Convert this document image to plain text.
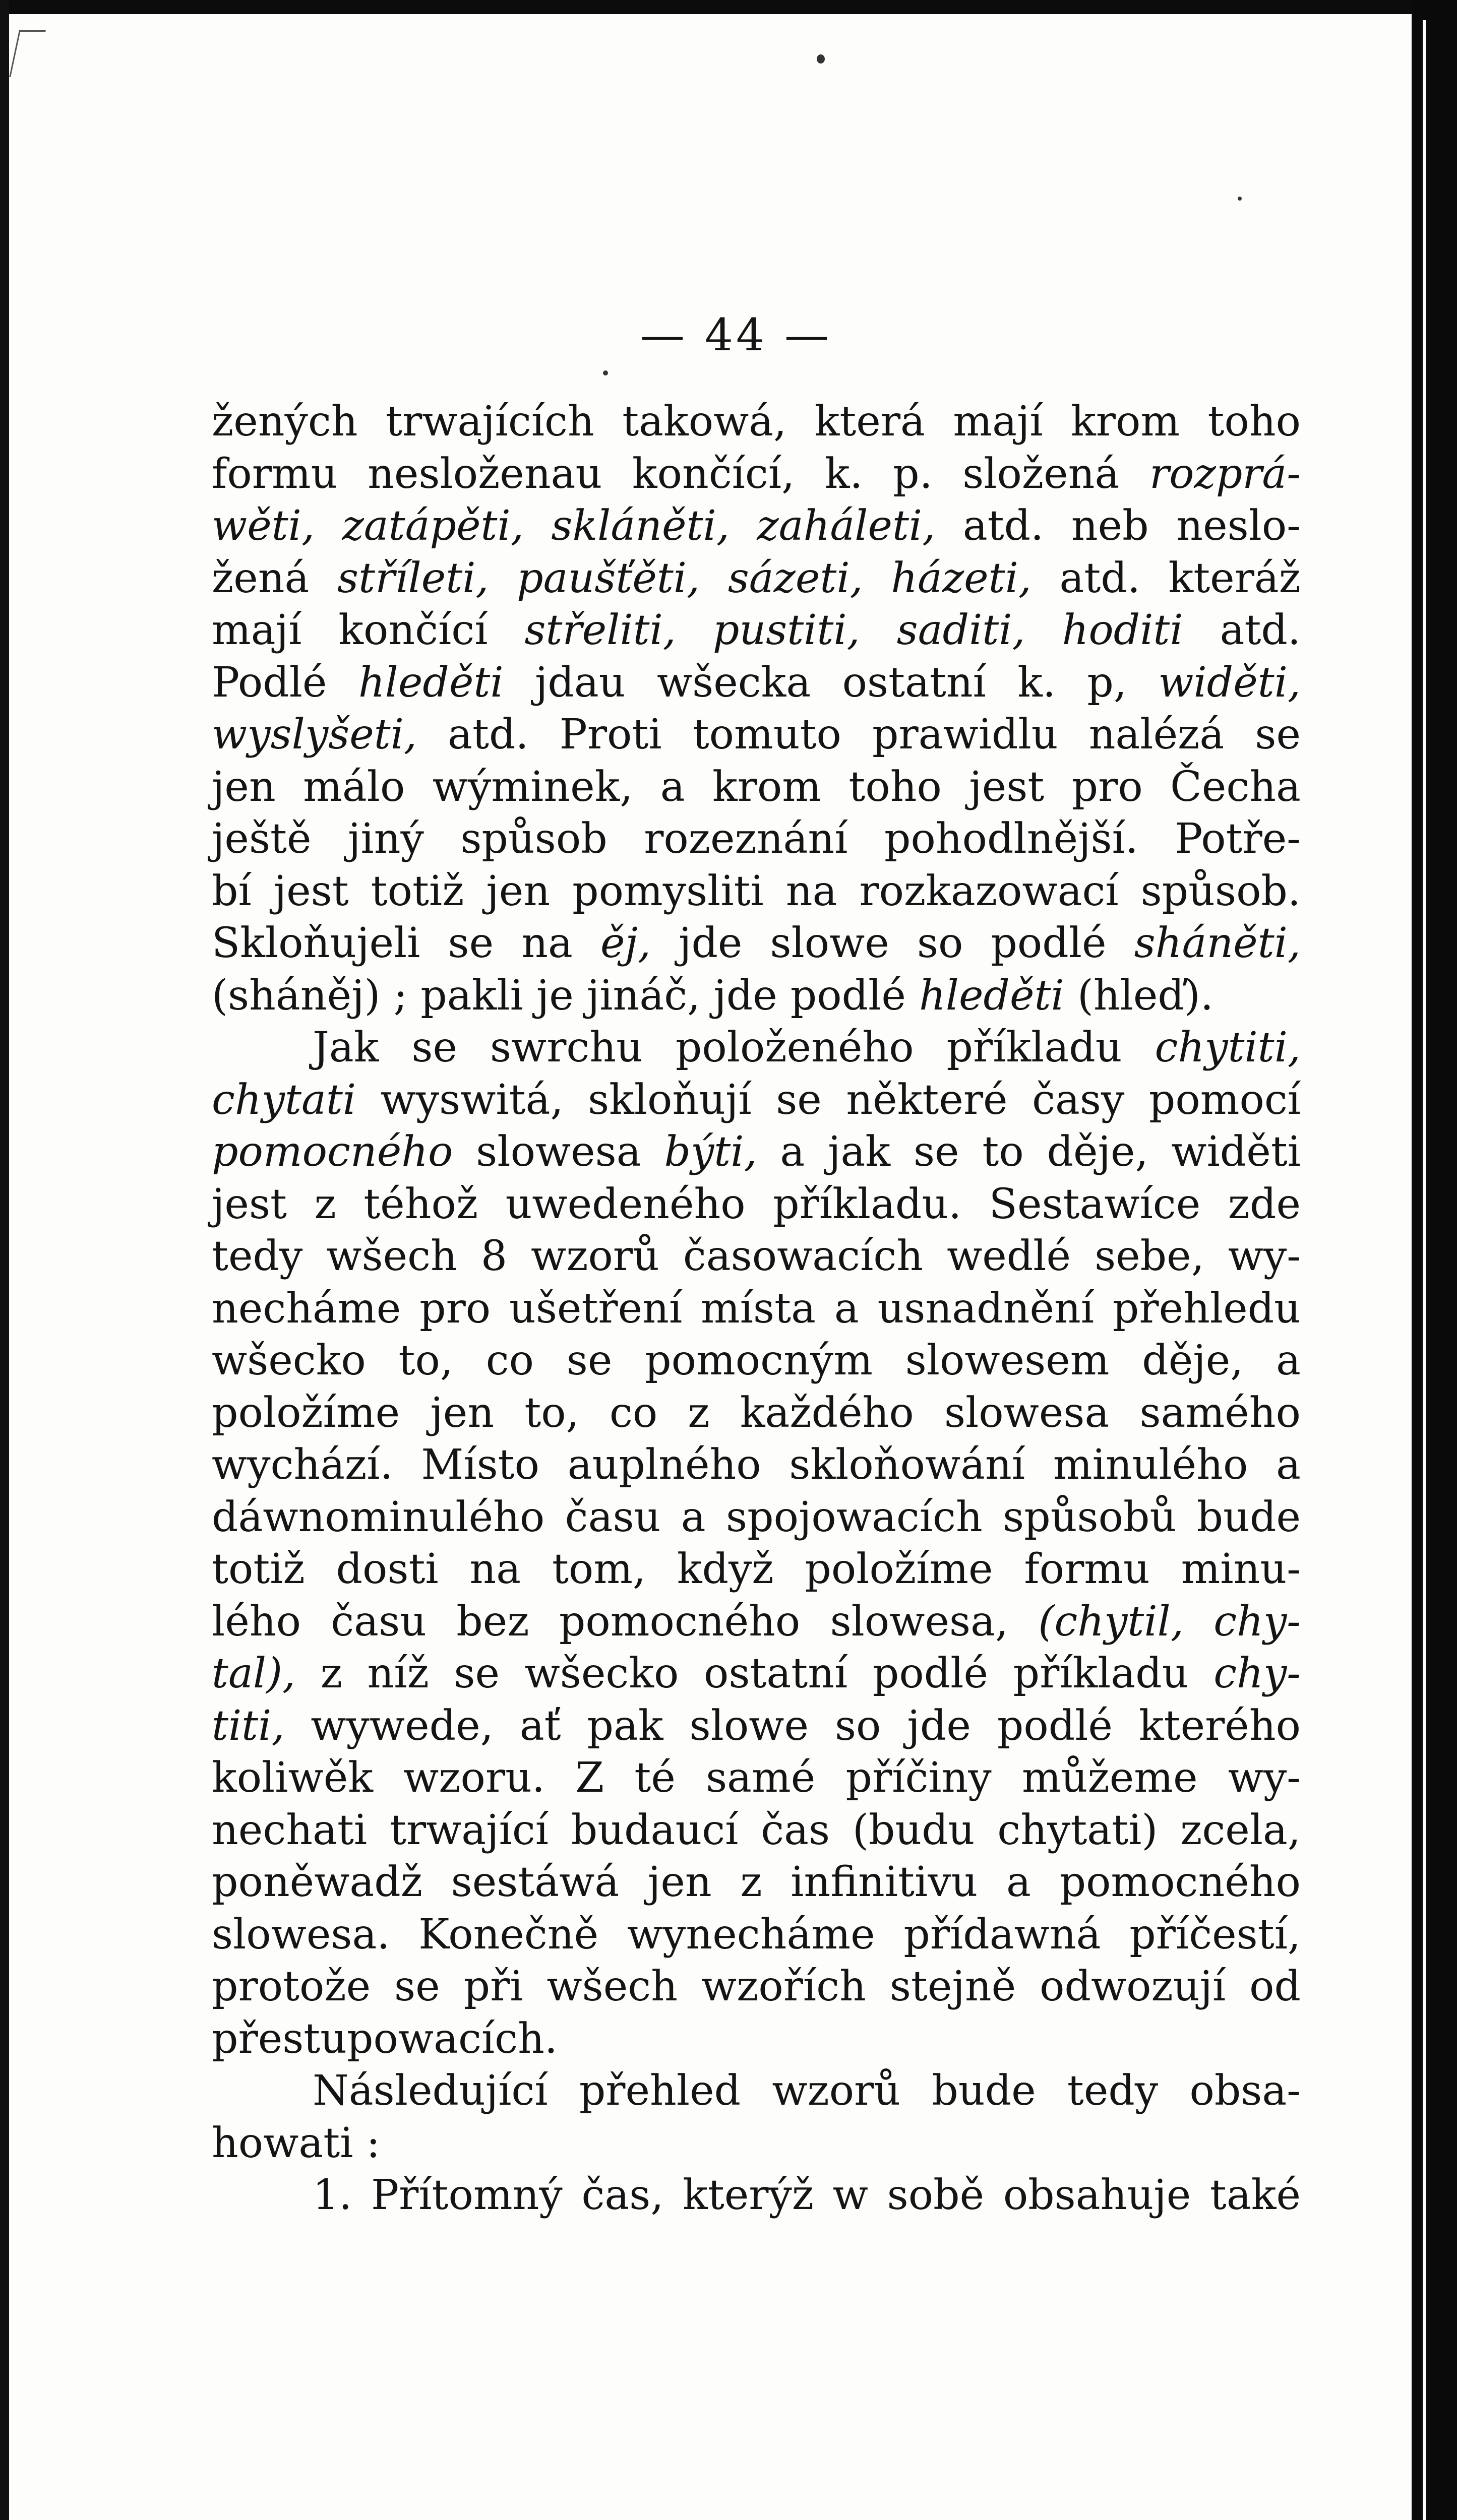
— 44 —
žených trwajících takowá, která mají krom toho
formu nesloženau končící, k. p. složená rozprá-
wěti, zatápěti, skláněti, zaháleti, atd. neb neslo-
žená stříleti, paušťěti, sázeti, házeti, atd. kteráž
mají končící střeliti, pustiti, saditi, hoditi atd.
Podlé hleděti jdau wšecka ostatní k. p, widěti,
wyslyšeti, atd. Proti tomuto prawidlu nalézá se
jen málo wýminek, a krom toho jest pro Čecha
ještě jiný spůsob rozeznání pohodlnější. Potře-
bí jest totiž jen pomysliti na rozkazowací spůsob.
Skloňujeli se na ěj, jde slowe so podlé sháněti,
(sháněj) ; pakli je jináč, jde podlé hleděti (hleď).
Jak se swrchu položeného příkladu chytiti,
chytati wyswitá, skloňují se některé časy pomocí
pomocného slowesa býti, a jak se to děje, widěti
jest z téhož uwedeného příkladu. Sestawíce zde
tedy wšech 8 wzorů časowacích wedlé sebe, wy-
necháme pro ušetření místa a usnadnění přehledu
wšecko to, co se pomocným slowesem děje, a
položíme jen to, co z každého slowesa samého
wychází. Místo auplného skloňowání minulého a
dáwnominulého času a spojowacích spůsobů bude
totiž dosti na tom, když položíme formu minu-
lého času bez pomocného slowesa, (chytil, chy-
tal), z níž se wšecko ostatní podlé příkladu chy-
titi, wywede, ať pak slowe so jde podlé kterého
koliwěk wzoru. Z té samé příčiny můžeme wy-
nechati trwající budaucí čas (budu chytati) zcela,
poněwadž sestáwá jen z infinitivu a pomocného
slowesa. Konečně wynecháme přídawná příčestí,
protože se při wšech wzořích stejně odwozují od
přestupowacích.
Následující přehled wzorů bude tedy obsa-
howati :
1. Přítomný čas, kterýž w sobě obsahuje také
